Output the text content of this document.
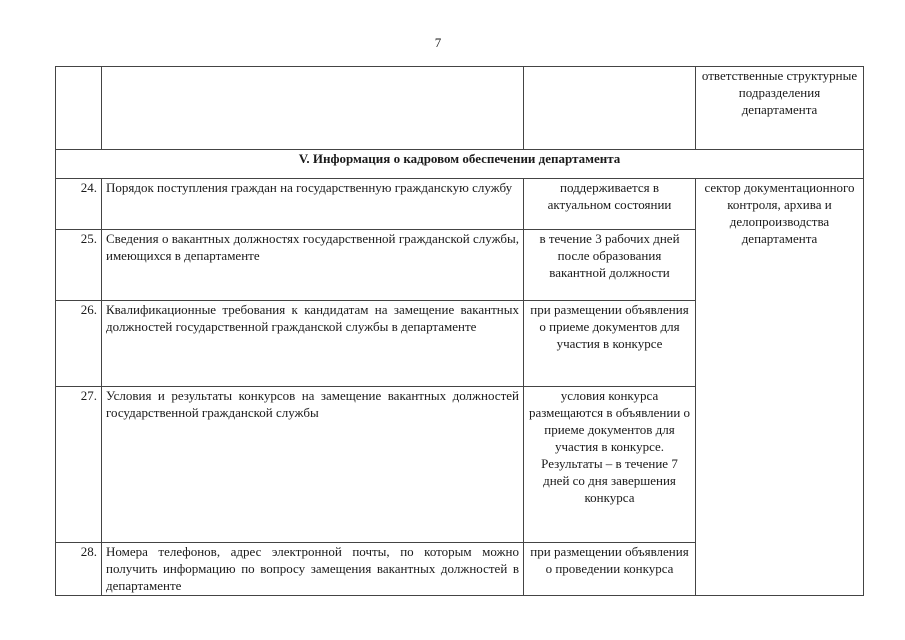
7
			ответственные структурные подразделения департамента
V. Информация о кадровом обеспечении департамента			
24.	Порядок поступления граждан на государственную гражданскую службу	поддерживается в актуальном состоянии	сектор документационного контроля, архива и делопроизводства департамента
25.	Сведения о вакантных должностях государственной гражданской службы, имеющихся в департаменте	в течение 3 рабочих дней после образования вакантной должности	
26.	Квалификационные требования к кандидатам на замещение вакантных должностей государственной гражданской службы в департаменте	при размещении объявления о приеме документов для участия в конкурсе	
27.	Условия и результаты конкурсов на замещение вакантных должностей государственной гражданской службы	условия конкурса размещаются в объявлении о приеме документов для участия в конкурсе. Результаты – в течение 7 дней со дня завершения конкурса	
28.	Номера телефонов, адрес электронной почты, по которым можно получить информацию по вопросу замещения вакантных должностей в департаменте	при размещении объявления о проведении конкурса	
